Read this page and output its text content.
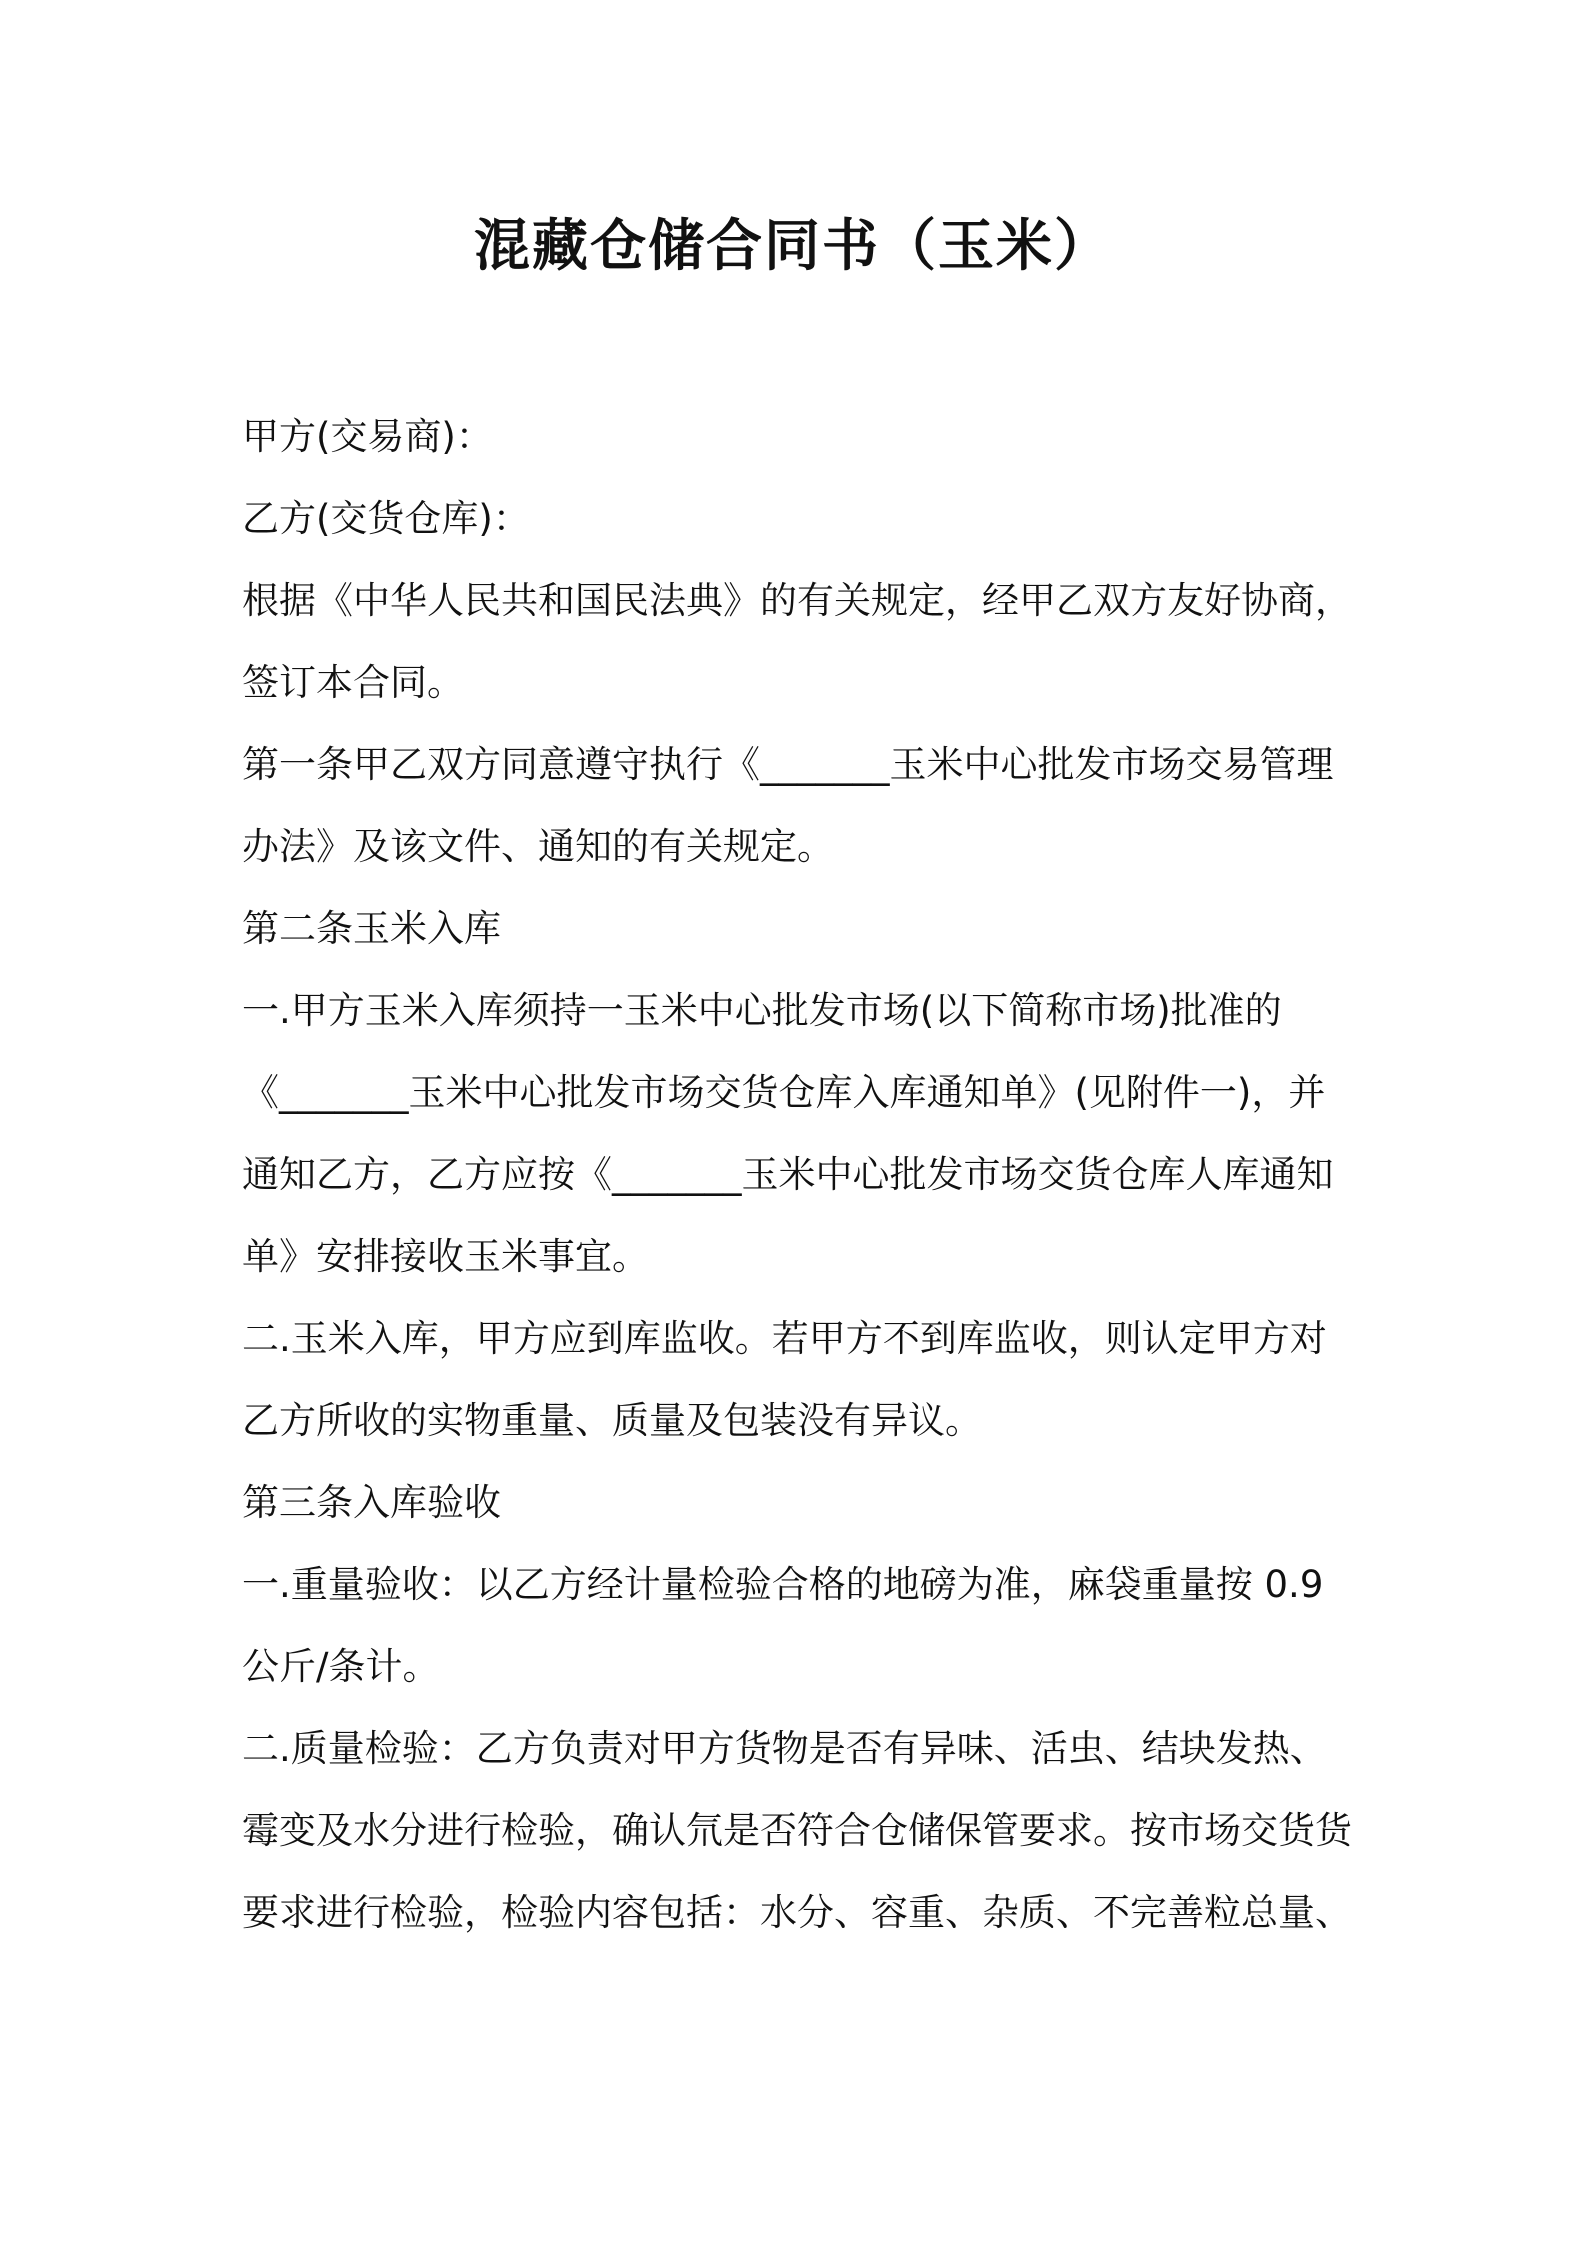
混藏仓储合同书（玉米）
甲方(交易商)：
乙方(交货仓库)：
根据《中华人民共和国民法典》的有关规定，经甲乙双方友好协商，
签订本合同。
第一条甲乙双方同意遵守执行《_______玉米中心批发市场交易管理
办法》及该文件、通知的有关规定。
第二条玉米入库
一.甲方玉米入库须持一玉米中心批发市场(以下简称市场)批准的
《_______玉米中心批发市场交货仓库入库通知单》(见附件一)，并
通知乙方，乙方应按《_______玉米中心批发市场交货仓库人库通知
单》安排接收玉米事宜。
二.玉米入库，甲方应到库监收。若甲方不到库监收，则认定甲方对
乙方所收的实物重量、质量及包装没有异议。
第三条入库验收
一.重量验收：以乙方经计量检验合格的地磅为准，麻袋重量按 0.9
公斤/条计。
二.质量检验：乙方负责对甲方货物是否有异味、活虫、结块发热、
霉变及水分进行检验，确认氘是否符合仓储保管要求。按市场交货货
要求进行检验，检验内容包括：水分、容重、杂质、不完善粒总量、
